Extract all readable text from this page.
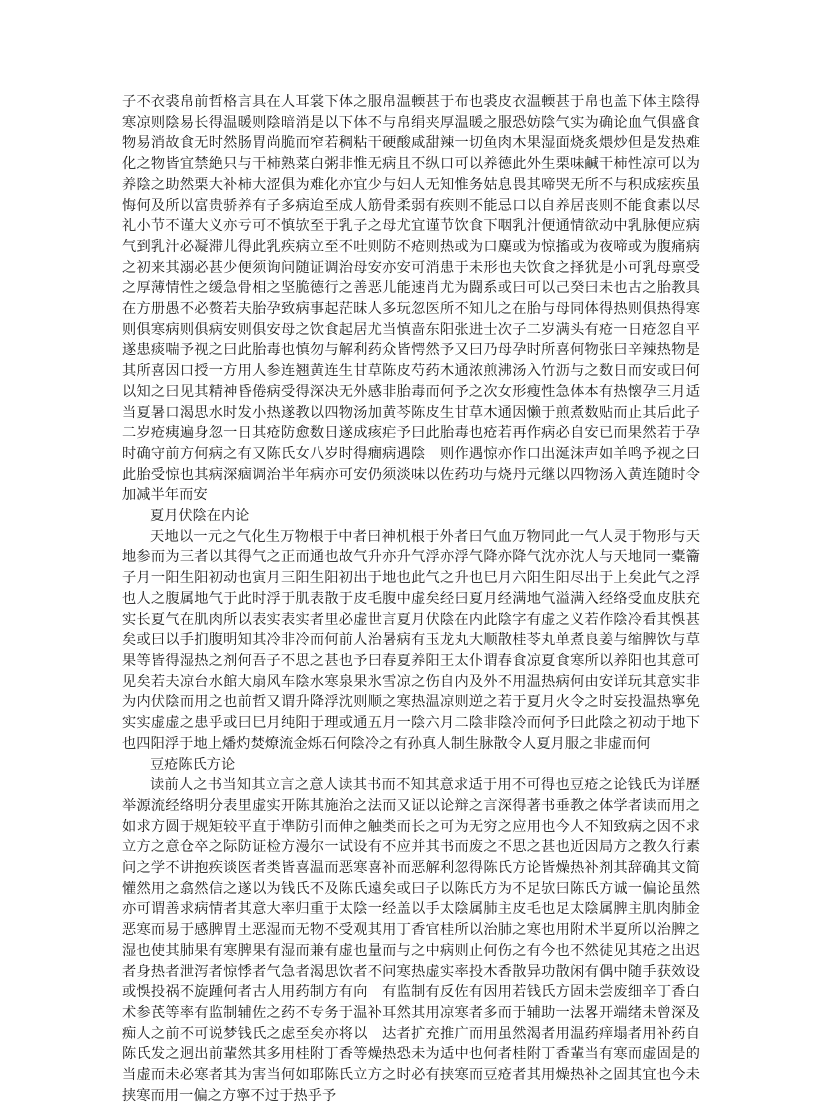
子不衣裘帛前哲格言具在人耳裳下体之服帛温輭甚于布也裘皮衣温輭甚于帛也盖下体主陰得寒凉则陰易长得温暖则陰暗消是以下体不与帛绢夹厚温暖之服恐妨陰气实为确论血气俱盛食物易消故食无时然肠胃尚脆而窄若稠粘干硬酸咸甜辣一切鱼肉木果湿面烧炙煨炒但是发热难化之物皆宜禁絶只与干柿熟菜白粥非惟无病且不纵口可以养德此外生栗味鹹干柿性凉可以为养陰之助然栗大补柿大涩俱为难化亦宜少与妇人无知惟务姑息畏其啼哭无所不与积成痃疾虽悔何及所以富贵骄养有子多病迨至成人筋骨柔弱有疾则不能忌口以自养居丧则不能食素以尽礼小节不谨大义亦亏可不慎欤至于乳子之母尤宜谨节饮食下咽乳汁便通情欲动中乳脉便应病气到乳汁必凝滞儿得此乳疾病立至不吐则防不疮则热或为口麋或为惊搐或为夜啼或为腹痛病之初来其溺必甚少便须询问随证调治母安亦安可消患于未形也夫饮食之择犹是小可乳母禀受之厚薄情性之缓急骨相之坚脆德行之善恶儿能速肖尤为闘系或曰可以己癸曰未也古之胎教具在方册愚不必赘若夫胎孕致病事起茫昧人多玩忽医所不知儿之在胎与母同体得热则俱热得寒则俱寒病则俱病安则俱安母之饮食起居尤当慎啬东阳张进士次子二岁满头有疮一日疮忽自平遂患痰喘予视之曰此胎毒也慎勿与解利药众皆愕然予又曰乃母孕时所喜何物张曰辛辣热物是其所喜因口授一方用人参连翘黄连生甘草陈皮芍药木通浓煎沸汤入竹沥与之数日而安或曰何以知之曰见其精神昏倦病受得深决无外感非胎毒而何予之次女形瘦性急体本有热懐孕三月适当夏暑口渴思水时发小热遂教以四物汤加黄芩陈皮生甘草木通因懒于煎煮数贴而止其后此子二岁疮痍遍身忽一日其疮防愈数日遂成痎疟予曰此胎毒也疮若再作病必自安已而果然若于孕时确守前方何病之有又陈氏女八岁时得癎病遇陰　则作遇惊亦作口出涎沫声如羊鸣予视之曰此胎受惊也其病深痼调治半年病亦可安仍须淡味以佐药功与烧丹元继以四物汤入黄连随时令加减半年而安

夏月伏陰在内论

天地以一元之气化生万物根于中者曰神机根于外者曰气血万物同此一气人灵于物形与天地参而为三者以其得气之正而通也故气升亦升气浮亦浮气降亦降气沈亦沈人与天地同一橐籥子月一阳生阳初动也寅月三阳生阳初出于地也此气之升也巳月六阳生阳尽出于上矣此气之浮也人之腹属地气于此时浮于肌表散于皮毛腹中虚矣经曰夏月经满地气溢满入经络受血皮肤充实长夏气在肌肉所以表实表实者里必虚世言夏月伏陰在内此陰字有虚之义若作陰冷看其悞甚矣或曰以手扪腹明知其冷非冷而何前人治暑病有玉龙丸大顺散桂苓丸单煮良姜与缩脾饮与草果等皆得湿热之剂何吾子不思之甚也予曰春夏养阳王太仆谓春食凉夏食寒所以养阳也其意可见矣若夫凉台水館大扇风车陰水寒泉果氷雪凉之伤自内及外不用温热病何由安详玩其意实非为内伏陰而用之也前哲又谓升降浮沈则顺之寒热温凉则逆之若于夏月火令之时妄投温热寧免实实虚虚之患乎或曰巳月纯阳于理或通五月一陰六月二陰非陰冷而何予曰此陰之初动于地下也四阳浮于地上燔灼焚燎流金烁石何陰冷之有孙真人制生脉散令人夏月服之非虚而何

豆疮陈氏方论

读前人之书当知其立言之意人读其书而不知其意求适于用不可得也豆疮之论钱氏为详歷举源流经络明分表里虚实开陈其施治之法而又证以论辩之言深得著书垂教之体学者读而用之如求方圆于规矩较平直于凖防引而伸之触类而长之可为无穷之应用也今人不知致病之因不求立方之意仓卒之际防证检方漫尔一试设有不应并其书而废之不思之甚也近因局方之教久行素问之学不讲抱疾谈医者类皆喜温而恶寒喜补而恶解利忽得陈氏方论皆燥热补剂其辞确其文简懽然用之翕然信之遂以为钱氏不及陈氏遠矣或曰子以陈氏方为不足欤曰陈氏方诚一偏论虽然亦可谓善求病情者其意大率归重于太陰一经盖以手太陰属肺主皮毛也足太陰属脾主肌肉肺金恶寒而易于感脾胃土恶湿而无物不受观其用丁香官桂所以治肺之寒也用附术半夏所以治脾之湿也使其肺果有寒脾果有湿而兼有虚也量而与之中病则止何伤之有今也不然徒见其疮之出迟者身热者泄泻者惊悸者气急者渴思饮者不问寒热虚实率投木香散异功散闲有偶中随手获效设或悞投祸不旋踵何者古人用药制方有向　有监制有反佐有因用若钱氏方固未尝废细辛丁香白术参芪等率有监制辅佐之药不专务于温补耳然其用凉寒者多而于辅助一法畧开端绪未曾深及痴人之前不可说梦钱氏之虑至矣亦将以　达者扩充推广而用虽然渴者用温药痒塌者用补药自陈氏发之迥出前輩然其多用桂附丁香等燥热恐未为适中也何者桂附丁香輩当有寒而虚固是的当虚而未必寒者其为害当何如耶陈氏立方之时必有挟寒而豆疮者其用燥热补之固其宜也今未挟寒而用一偏之方寧不过于热乎予
